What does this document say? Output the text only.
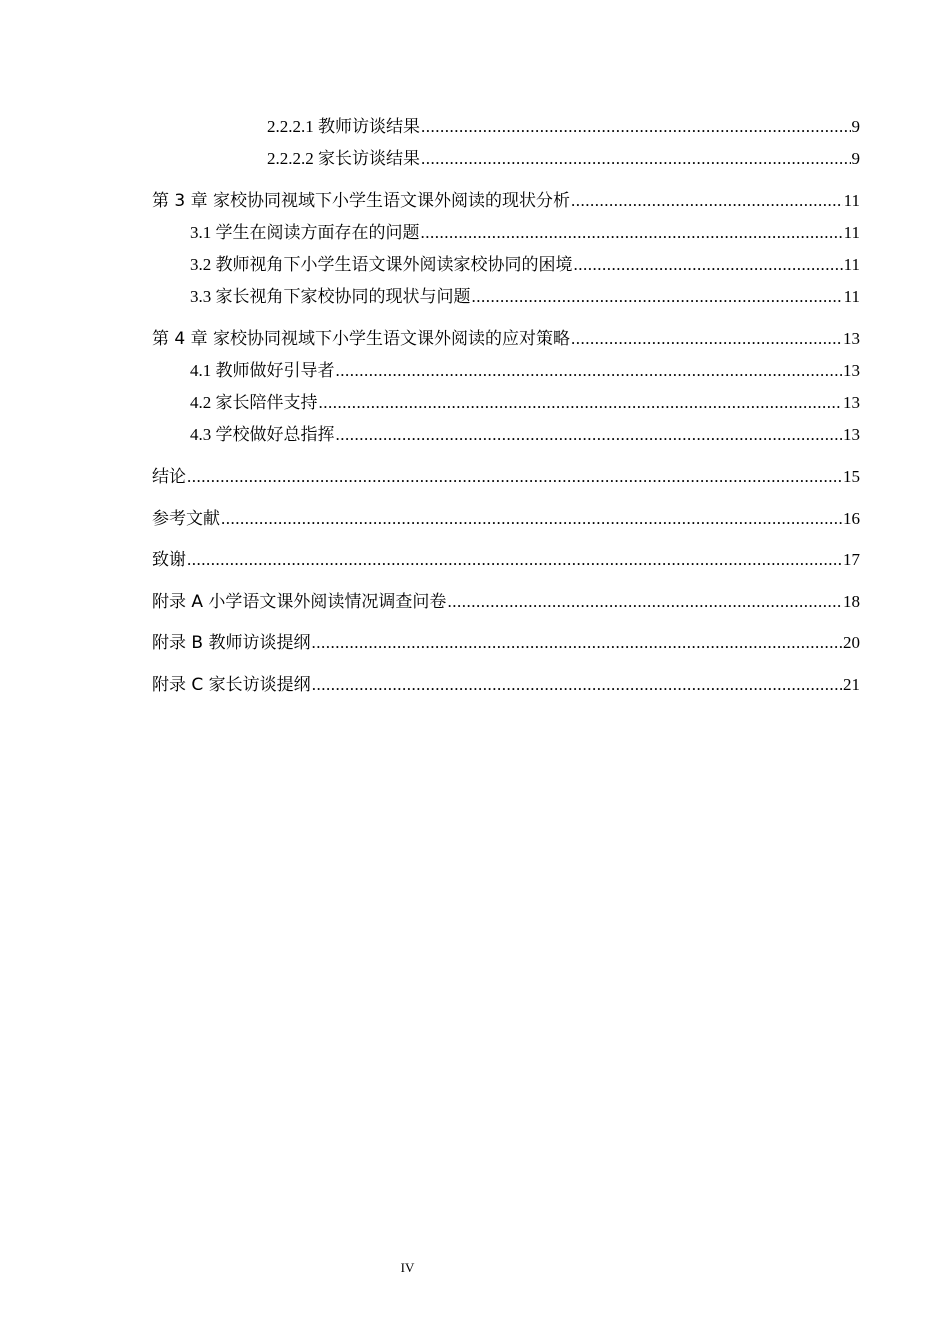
2.2.2.1 教师访谈结果 .....	9
2.2.2.2 家长访谈结果 .....	9
第 3 章 家校协同视域下小学生语文课外阅读的现状分析 .....	11
3.1 学生在阅读方面存在的问题 .....	11
3.2 教师视角下小学生语文课外阅读家校协同的困境 .....	11
3.3 家长视角下家校协同的现状与问题 .....	11
第 4 章 家校协同视域下小学生语文课外阅读的应对策略 .....	13
4.1 教师做好引导者 .....	13
4.2 家长陪伴支持 .....	13
4.3 学校做好总指挥 .....	13
结论 .....	15
参考文献 .....	16
致谢 .....	17
附录 A 小学语文课外阅读情况调查问卷 .....	18
附录 B 教师访谈提纲 .....	20
附录 C 家长访谈提纲 .....	21
IV
